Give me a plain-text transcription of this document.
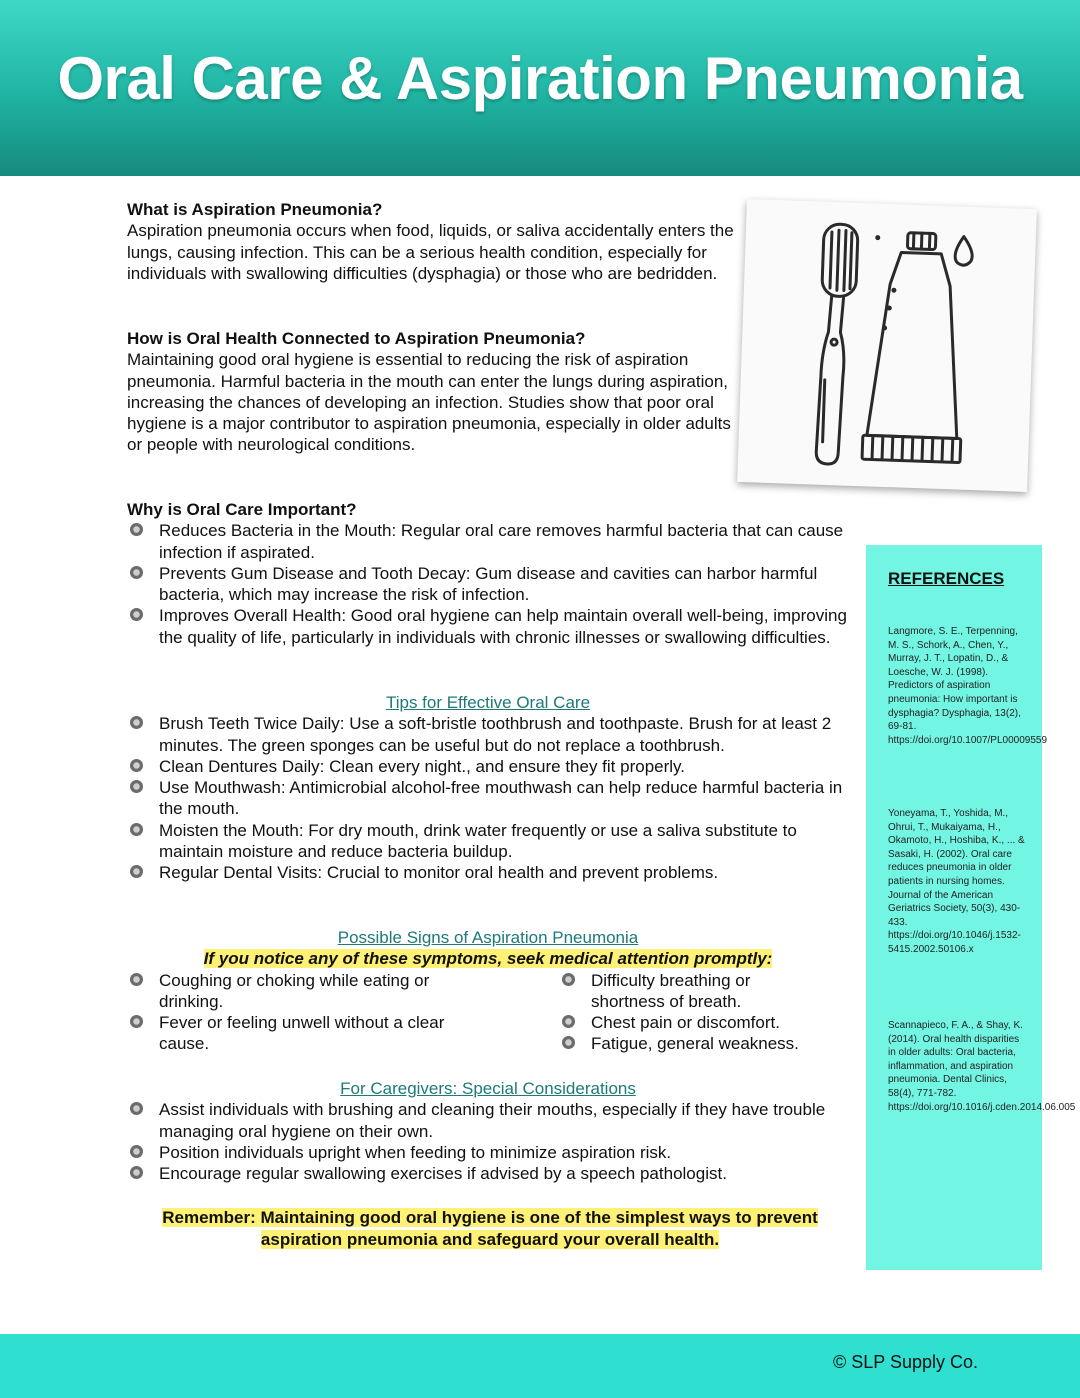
Oral Care & Aspiration Pneumonia

What is Aspiration Pneumonia?

Aspiration pneumonia occurs when food, liquids, or saliva accidentally enters the lungs, causing infection. This can be a serious health condition, especially for individuals with swallowing difficulties (dysphagia) or those who are bedridden.

How is Oral Health Connected to Aspiration Pneumonia?

Maintaining good oral hygiene is essential to reducing the risk of aspiration pneumonia. Harmful bacteria in the mouth can enter the lungs during aspiration, increasing the chances of developing an infection. Studies show that poor oral hygiene is a major contributor to aspiration pneumonia, especially in older adults or people with neurological conditions.

Why is Oral Care Important?

Reduces Bacteria in the Mouth: Regular oral care removes harmful bacteria that can cause infection if aspirated.
Prevents Gum Disease and Tooth Decay: Gum disease and cavities can harbor harmful bacteria, which may increase the risk of infection.
Improves Overall Health: Good oral hygiene can help maintain overall well-being, improving the quality of life, particularly in individuals with chronic illnesses or swallowing difficulties.

Tips for Effective Oral Care

Brush Teeth Twice Daily: Use a soft-bristle toothbrush and toothpaste. Brush for at least 2 minutes. The green sponges can be useful but do not replace a toothbrush.
Clean Dentures Daily: Clean every night., and ensure they fit properly.
Use Mouthwash: Antimicrobial alcohol-free mouthwash can help reduce harmful bacteria in the mouth.
Moisten the Mouth: For dry mouth, drink water frequently or use a saliva substitute to maintain moisture and reduce bacteria buildup.
Regular Dental Visits: Crucial to monitor oral health and prevent problems.

Possible Signs of Aspiration Pneumonia

If you notice any of these symptoms, seek medical attention promptly:

Coughing or choking while eating or drinking.
Fever or feeling unwell without a clear cause.
Difficulty breathing or shortness of breath.
Chest pain or discomfort.
Fatigue, general weakness.

For Caregivers: Special Considerations

Assist individuals with brushing and cleaning their mouths, especially if they have trouble managing oral hygiene on their own.
Position individuals upright when feeding to minimize aspiration risk.
Encourage regular swallowing exercises if advised by a speech pathologist.

Remember: Maintaining good oral hygiene is one of the simplest ways to prevent aspiration pneumonia and safeguard your overall health.

REFERENCES
Langmore, S. E., Terpenning, M. S., Schork, A., Chen, Y., Murray, J. T., Lopatin, D., & Loesche, W. J. (1998). Predictors of aspiration pneumonia: How important is dysphagia? Dysphagia, 13(2), 69-81. https://doi.org/10.1007/PL00009559
Yoneyama, T., Yoshida, M., Ohrui, T., Mukaiyama, H., Okamoto, H., Hoshiba, K., ... & Sasaki, H. (2002). Oral care reduces pneumonia in older patients in nursing homes. Journal of the American Geriatrics Society, 50(3), 430-433. https://doi.org/10.1046/j.1532-5415.2002.50106.x
Scannapieco, F. A., & Shay, K. (2014). Oral health disparities in older adults: Oral bacteria, inflammation, and aspiration pneumonia. Dental Clinics, 58(4), 771-782. https://doi.org/10.1016/j.cden.2014.06.005
© SLP Supply Co.
